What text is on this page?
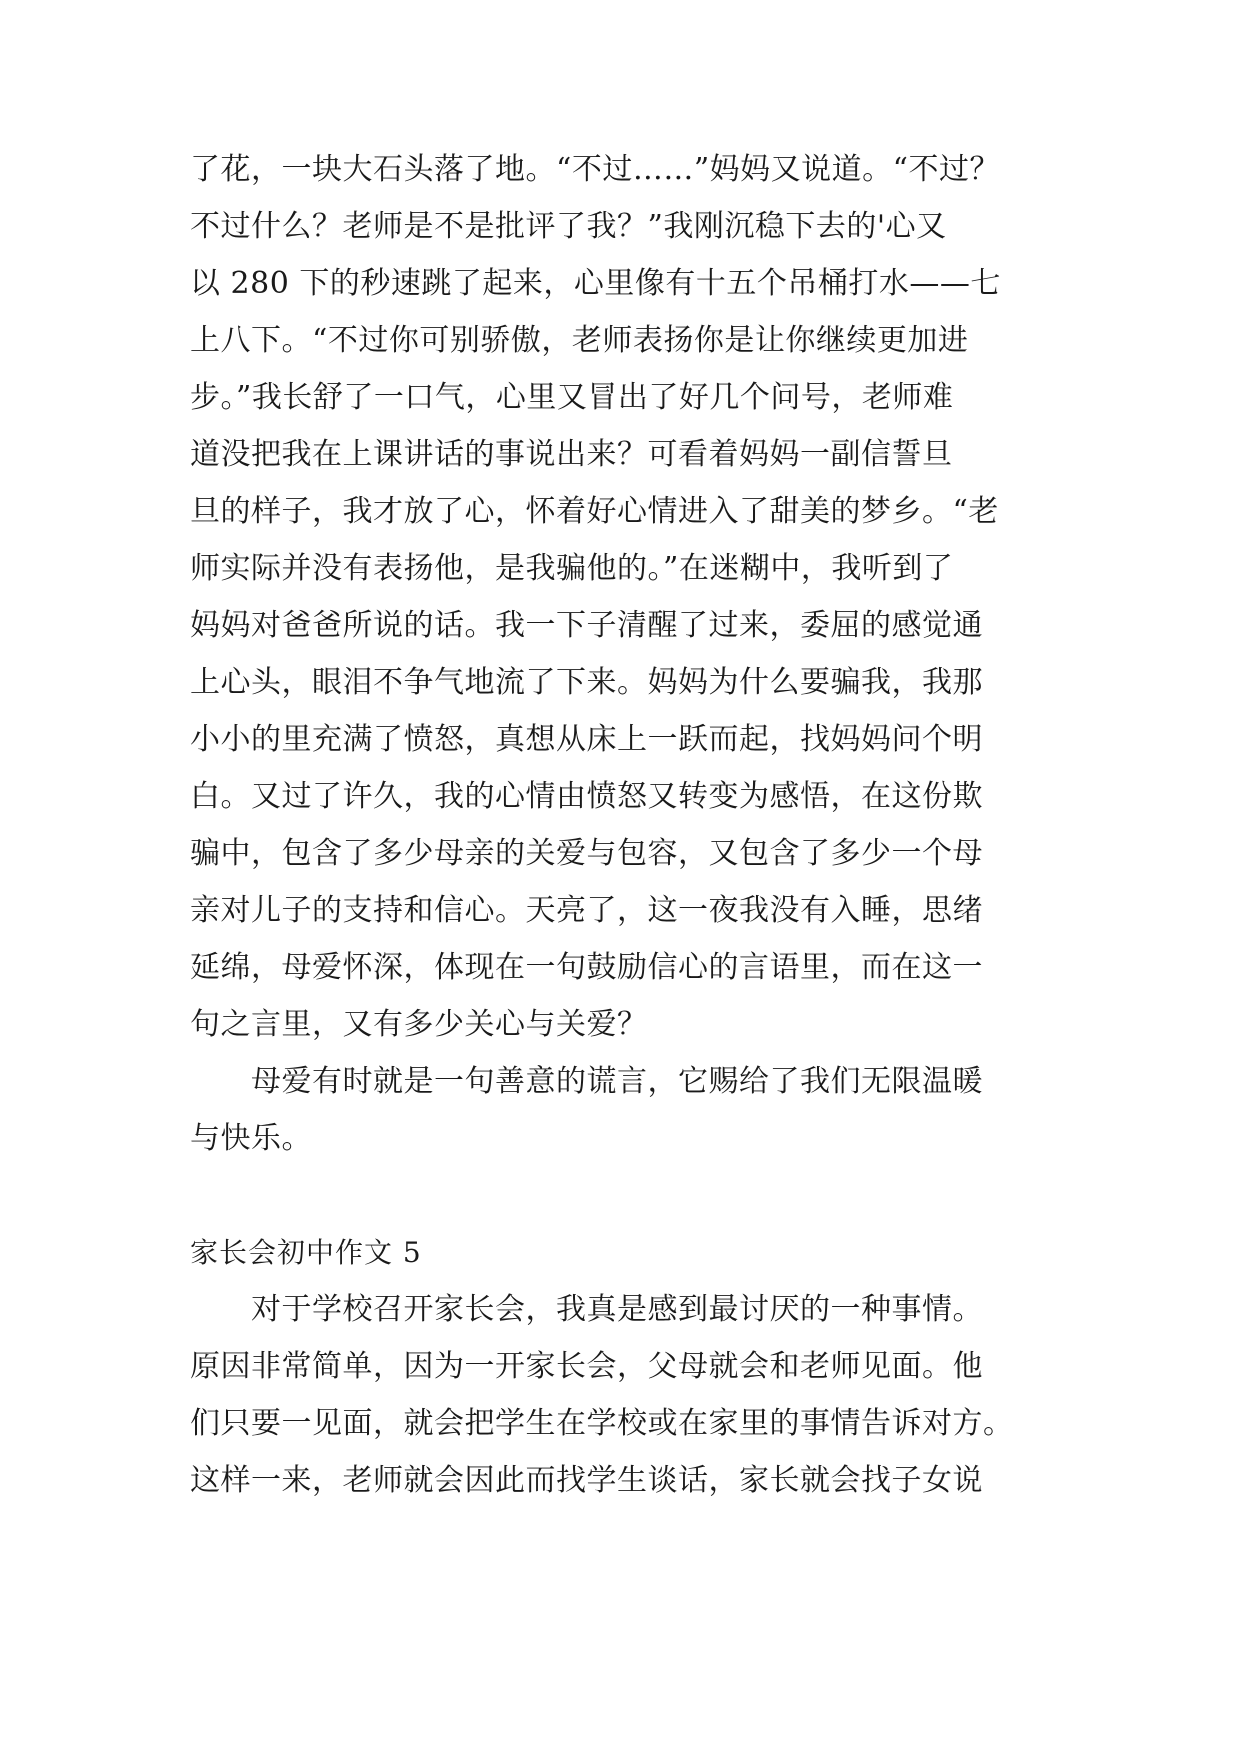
了花，一块大石头落了地。“不过……”妈妈又说道。“不过？
不过什么？老师是不是批评了我？”我刚沉稳下去的'心又
以 280 下的秒速跳了起来，心里像有十五个吊桶打水——七
上八下。“不过你可别骄傲，老师表扬你是让你继续更加进
步。”我长舒了一口气，心里又冒出了好几个问号，老师难
道没把我在上课讲话的事说出来？可看着妈妈一副信誓旦
旦的样子，我才放了心，怀着好心情进入了甜美的梦乡。“老
师实际并没有表扬他，是我骗他的。”在迷糊中，我听到了
妈妈对爸爸所说的话。我一下子清醒了过来，委屈的感觉通
上心头，眼泪不争气地流了下来。妈妈为什么要骗我，我那
小小的里充满了愤怒，真想从床上一跃而起，找妈妈问个明
白。又过了许久，我的心情由愤怒又转变为感悟，在这份欺
骗中，包含了多少母亲的关爱与包容，又包含了多少一个母
亲对儿子的支持和信心。天亮了，这一夜我没有入睡，思绪
延绵，母爱怀深，体现在一句鼓励信心的言语里，而在这一
句之言里，又有多少关心与关爱？
　　母爱有时就是一句善意的谎言，它赐给了我们无限温暖
与快乐。
家长会初中作文 5
　　对于学校召开家长会，我真是感到最讨厌的一种事情。
原因非常简单，因为一开家长会，父母就会和老师见面。他
们只要一见面，就会把学生在学校或在家里的事情告诉对方。
这样一来，老师就会因此而找学生谈话，家长就会找子女说
